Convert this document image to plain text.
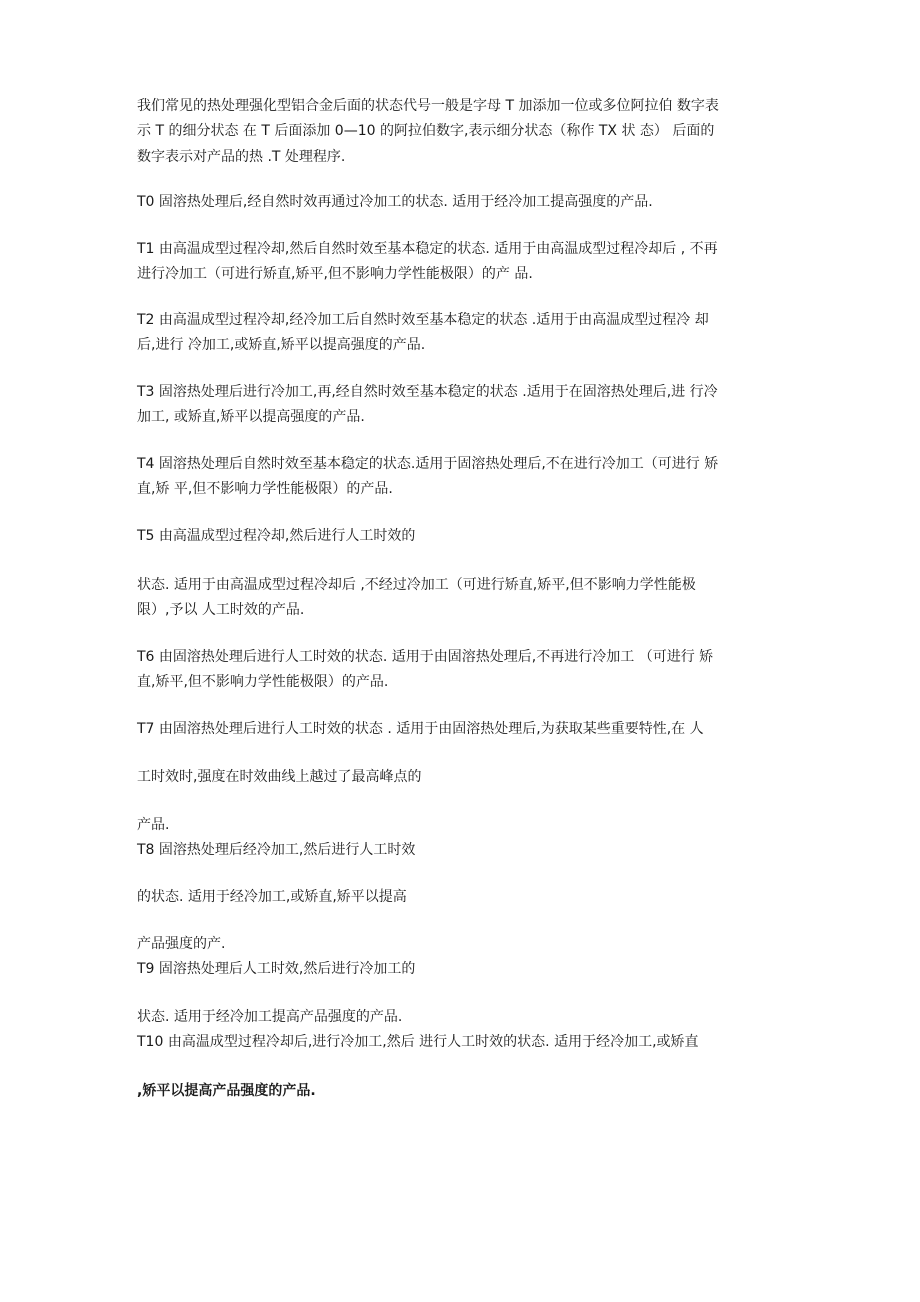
我们常见的热处理强化型铝合金后面的状态代号一般是字母 T 加添加一位或多位阿拉伯 数字表
示 T 的细分状态 在 T 后面添加 0—10 的阿拉伯数字,表示细分状态（称作 TX 状 态） 后面的
数字表示对产品的热 .T 处理程序.
T0 固溶热处理后,经自然时效再通过冷加工的状态. 适用于经冷加工提高强度的产品.
T1 由高温成型过程冷却,然后自然时效至基本稳定的状态. 适用于由高温成型过程冷却后 , 不再
进行冷加工（可进行矫直,矫平,但不影响力学性能极限）的产 品.
T2 由高温成型过程冷却,经冷加工后自然时效至基本稳定的状态 .适用于由高温成型过程冷 却
后,进行 冷加工,或矫直,矫平以提高强度的产品.
T3 固溶热处理后进行冷加工,再,经自然时效至基本稳定的状态 .适用于在固溶热处理后,进 行冷
加工, 或矫直,矫平以提高强度的产品.
T4 固溶热处理后自然时效至基本稳定的状态.适用于固溶热处理后,不在进行冷加工（可进行 矫
直,矫 平,但不影响力学性能极限）的产品.
T5 由高温成型过程冷却,然后进行人工时效的
状态. 适用于由高温成型过程冷却后 ,不经过冷加工（可进行矫直,矫平,但不影响力学性能极
限）,予以 人工时效的产品.
T6 由固溶热处理后进行人工时效的状态. 适用于由固溶热处理后,不再进行冷加工 （可进行 矫
直,矫平,但不影响力学性能极限）的产品.
T7 由固溶热处理后进行人工时效的状态 . 适用于由固溶热处理后,为获取某些重要特性,在 人
工时效时,强度在时效曲线上越过了最高峰点的
产品.
T8 固溶热处理后经冷加工,然后进行人工时效
的状态. 适用于经冷加工,或矫直,矫平以提高
产品强度的产.
T9 固溶热处理后人工时效,然后进行冷加工的
状态. 适用于经冷加工提高产品强度的产品.
T10 由高温成型过程冷却后,进行冷加工,然后 进行人工时效的状态. 适用于经冷加工,或矫直
,矫平以提高产品强度的产品.
